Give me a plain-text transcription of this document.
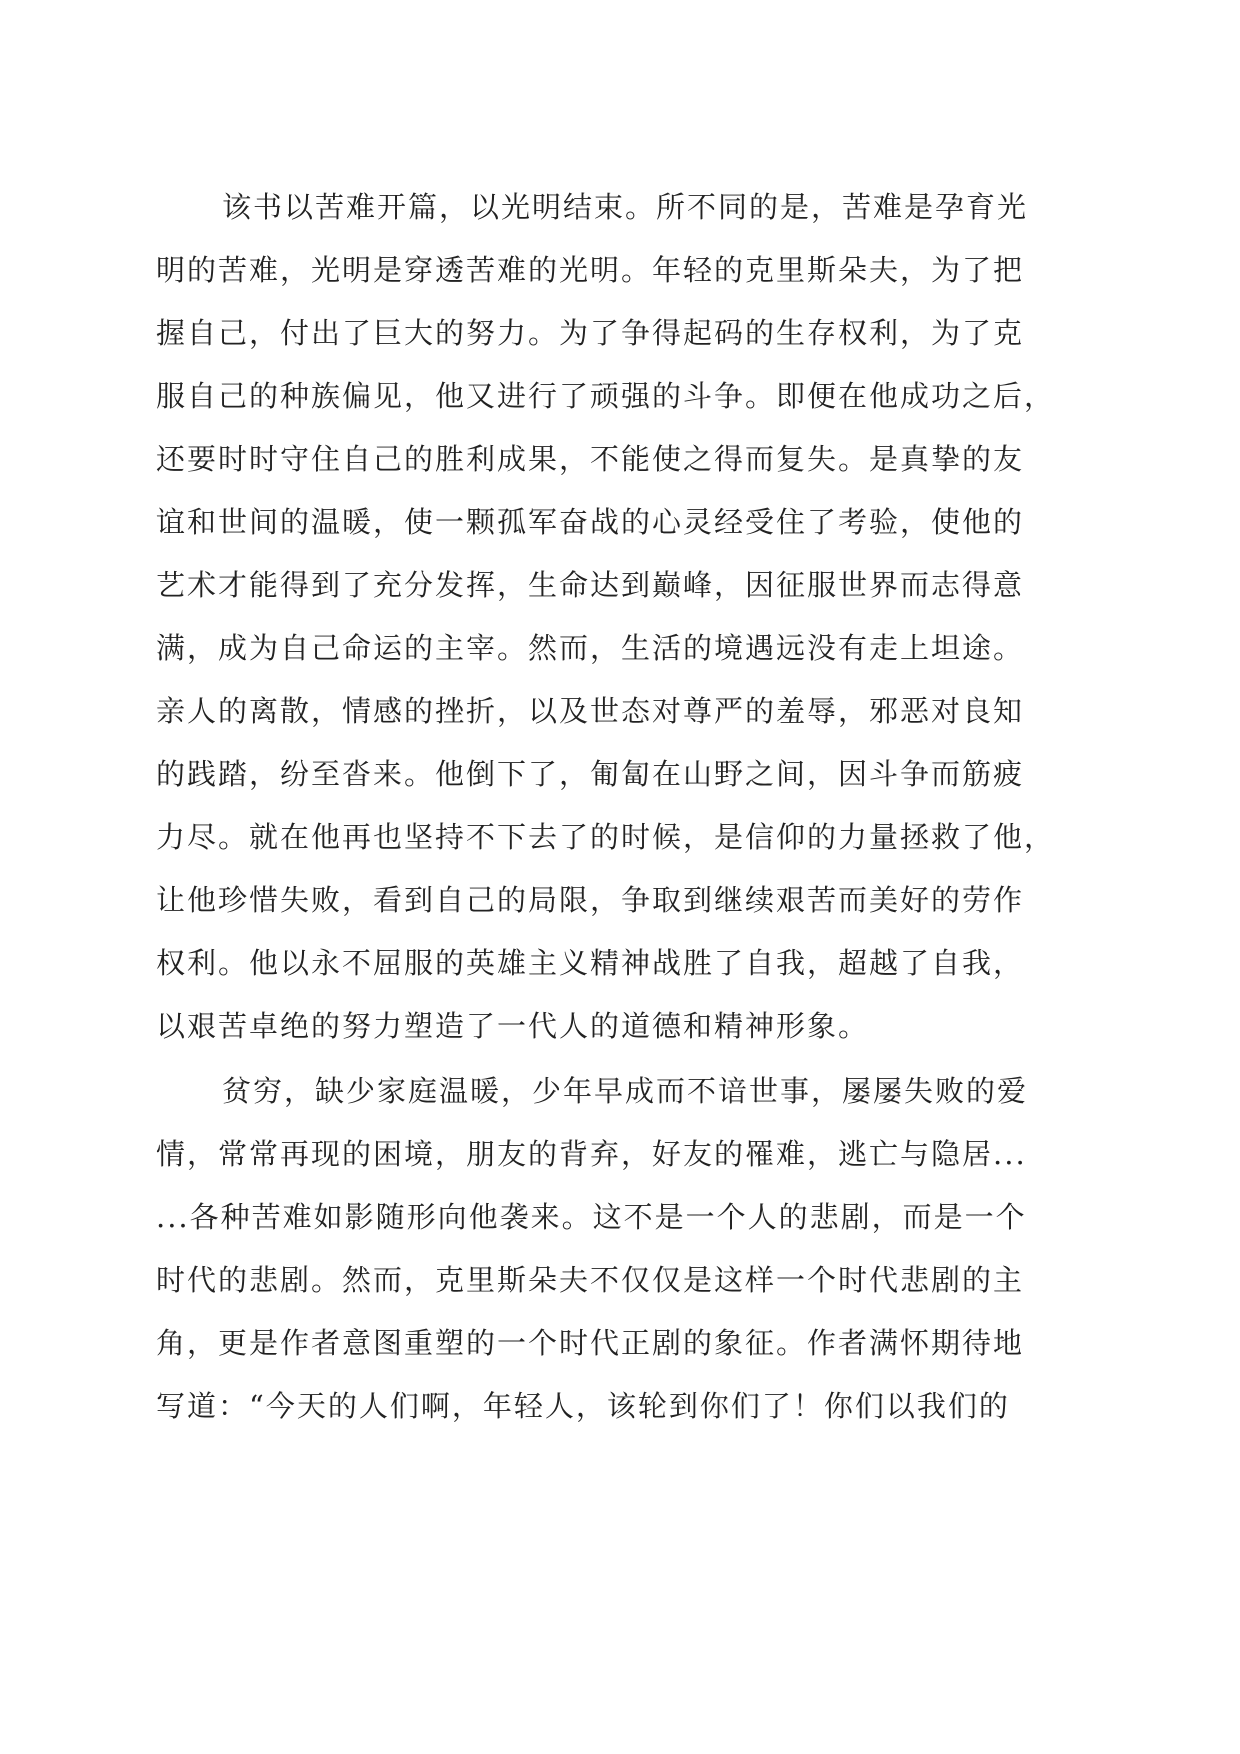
该书以苦难开篇，以光明结束。所不同的是，苦难是孕育光
明的苦难，光明是穿透苦难的光明。年轻的克里斯朵夫，为了把
握自己，付出了巨大的努力。为了争得起码的生存权利，为了克
服自己的种族偏见，他又进行了顽强的斗争。即便在他成功之后，
还要时时守住自己的胜利成果，不能使之得而复失。是真挚的友
谊和世间的温暖，使一颗孤军奋战的心灵经受住了考验，使他的
艺术才能得到了充分发挥，生命达到巅峰，因征服世界而志得意
满，成为自己命运的主宰。然而，生活的境遇远没有走上坦途。
亲人的离散，情感的挫折，以及世态对尊严的羞辱，邪恶对良知
的践踏，纷至沓来。他倒下了，匍匐在山野之间，因斗争而筋疲
力尽。就在他再也坚持不下去了的时候，是信仰的力量拯救了他，
让他珍惜失败，看到自己的局限，争取到继续艰苦而美好的劳作
权利。他以永不屈服的英雄主义精神战胜了自我，超越了自我，
以艰苦卓绝的努力塑造了一代人的道德和精神形象。
贫穷，缺少家庭温暖，少年早成而不谙世事，屡屡失败的爱
情，常常再现的困境，朋友的背弃，好友的罹难，逃亡与隐居...
...各种苦难如影随形向他袭来。这不是一个人的悲剧，而是一个
时代的悲剧。然而，克里斯朵夫不仅仅是这样一个时代悲剧的主
角，更是作者意图重塑的一个时代正剧的象征。作者满怀期待地
写道：“今天的人们啊，年轻人，该轮到你们了！你们以我们的
